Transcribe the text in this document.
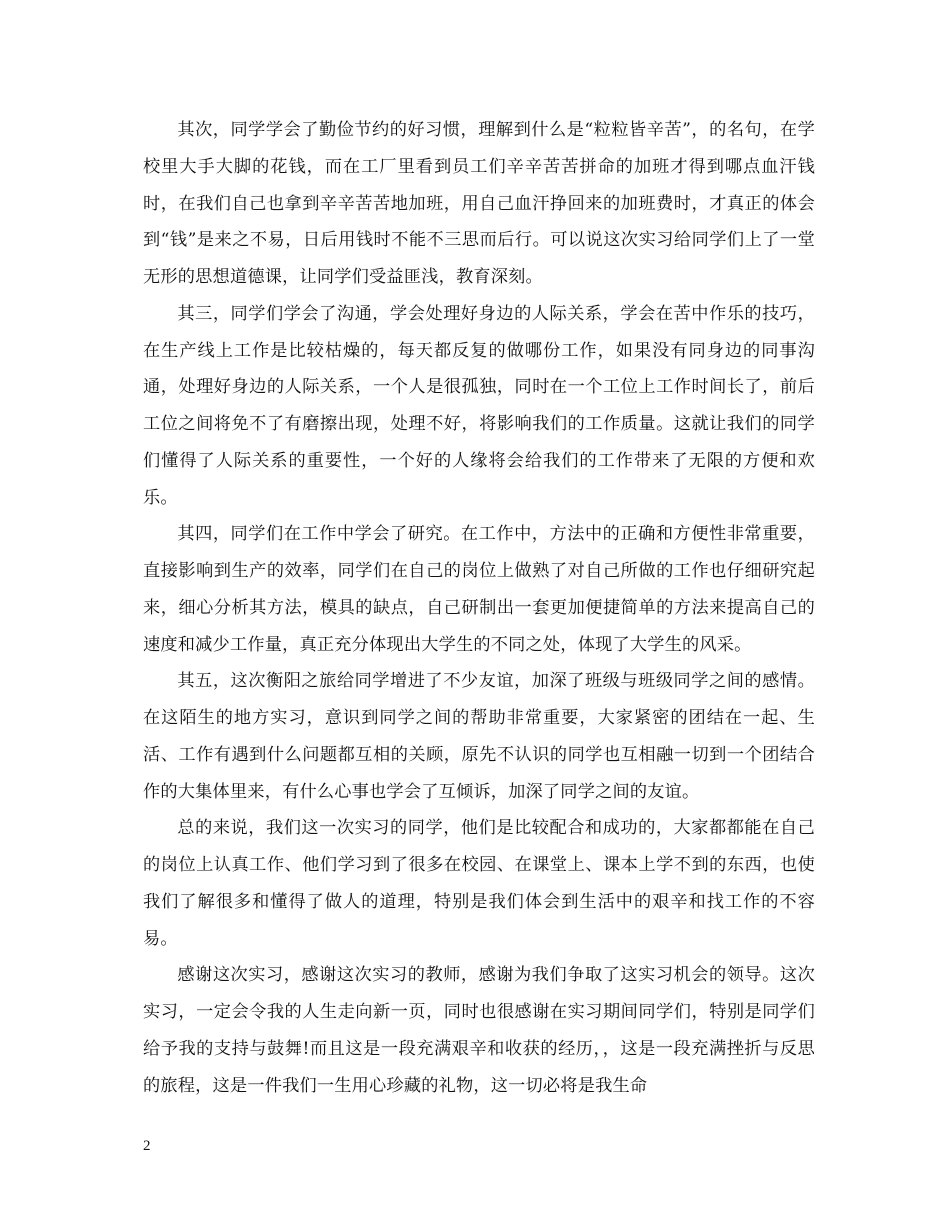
其次，同学学会了勤俭节约的好习惯，理解到什么是“粒粒皆辛苦”，的名句，在学校里大手大脚的花钱，而在工厂里看到员工们辛辛苦苦拼命的加班才得到哪点血汗钱时，在我们自己也拿到辛辛苦苦地加班，用自己血汗挣回来的加班费时，才真正的体会到“钱”是来之不易，日后用钱时不能不三思而后行。可以说这次实习给同学们上了一堂无形的思想道德课，让同学们受益匪浅，教育深刻。

其三，同学们学会了沟通，学会处理好身边的人际关系，学会在苦中作乐的技巧，在生产线上工作是比较枯燥的，每天都反复的做哪份工作，如果没有同身边的同事沟通，处理好身边的人际关系，一个人是很孤独，同时在一个工位上工作时间长了，前后工位之间将免不了有磨擦出现，处理不好，将影响我们的工作质量。这就让我们的同学们懂得了人际关系的重要性，一个好的人缘将会给我们的工作带来了无限的方便和欢乐。

其四，同学们在工作中学会了研究。在工作中，方法中的正确和方便性非常重要，直接影响到生产的效率，同学们在自己的岗位上做熟了对自己所做的工作也仔细研究起来，细心分析其方法，模具的缺点，自己研制出一套更加便捷简单的方法来提高自己的速度和减少工作量，真正充分体现出大学生的不同之处，体现了大学生的风采。

其五，这次衡阳之旅给同学增进了不少友谊，加深了班级与班级同学之间的感情。在这陌生的地方实习，意识到同学之间的帮助非常重要，大家紧密的团结在一起、生活、工作有遇到什么问题都互相的关顾，原先不认识的同学也互相融一切到一个团结合作的大集体里来，有什么心事也学会了互倾诉，加深了同学之间的友谊。

总的来说，我们这一次实习的同学，他们是比较配合和成功的，大家都都能在自己的岗位上认真工作、他们学习到了很多在校园、在课堂上、课本上学不到的东西，也使我们了解很多和懂得了做人的道理，特别是我们体会到生活中的艰辛和找工作的不容易。

感谢这次实习，感谢这次实习的教师，感谢为我们争取了这实习机会的领导。这次实习，一定会令我的人生走向新一页，同时也很感谢在实习期间同学们，特别是同学们给予我的支持与鼓舞!而且这是一段充满艰辛和收获的经历，，这是一段充满挫折与反思的旅程，这是一件我们一生用心珍藏的礼物，这一切必将是我生命

2
